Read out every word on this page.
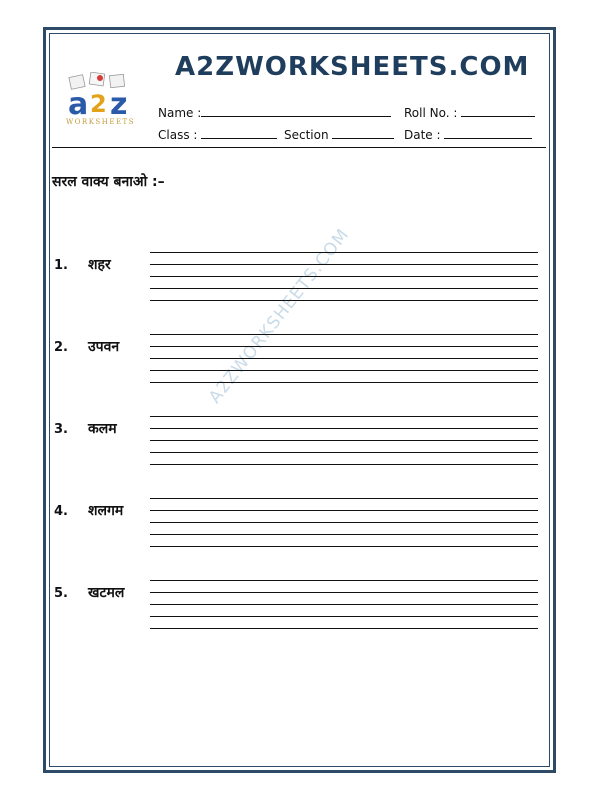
A2ZWORKSHEETS.COM
a 2 z
WORKSHEETS
Name :	Roll No. :
Class :	Section	Date :
सरल वाक्य बनाओ :–
A2ZWORKSHEETS.COM
1. शहर
2. उपवन
3. कलम
4. शलगम
5. खटमल
